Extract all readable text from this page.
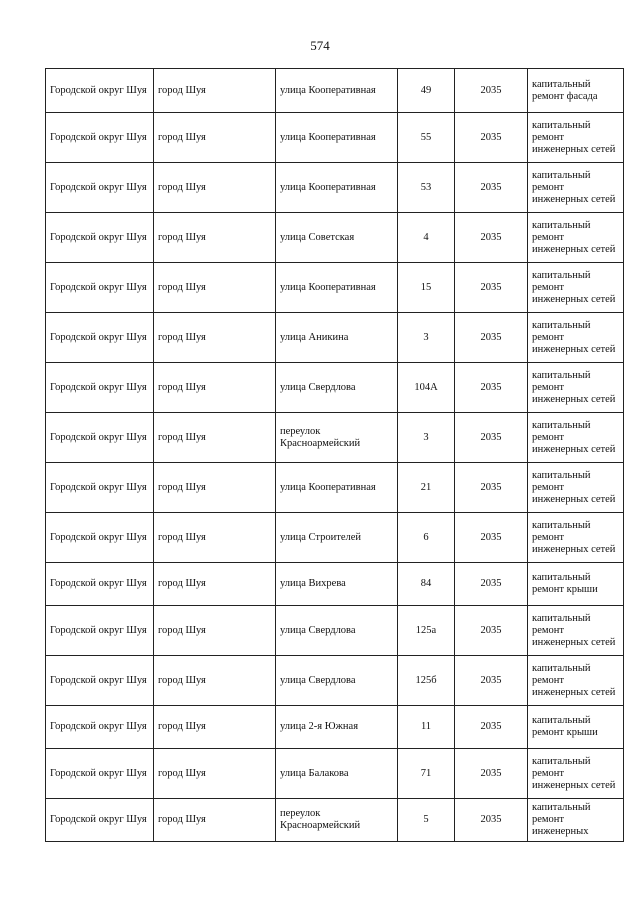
574
Городской округ Шуя	город Шуя	улица Кооперативная	49	2035	капитальный ремонт фасада
Городской округ Шуя	город Шуя	улица Кооперативная	55	2035	капитальный ремонт инженерных сетей
Городской округ Шуя	город Шуя	улица Кооперативная	53	2035	капитальный ремонт инженерных сетей
Городской округ Шуя	город Шуя	улица Советская	4	2035	капитальный ремонт инженерных сетей
Городской округ Шуя	город Шуя	улица Кооперативная	15	2035	капитальный ремонт инженерных сетей
Городской округ Шуя	город Шуя	улица Аникина	3	2035	капитальный ремонт инженерных сетей
Городской округ Шуя	город Шуя	улица Свердлова	104А	2035	капитальный ремонт инженерных сетей
Городской округ Шуя	город Шуя	переулок Красноармейский	3	2035	капитальный ремонт инженерных сетей
Городской округ Шуя	город Шуя	улица Кооперативная	21	2035	капитальный ремонт инженерных сетей
Городской округ Шуя	город Шуя	улица Строителей	6	2035	капитальный ремонт инженерных сетей
Городской округ Шуя	город Шуя	улица Вихрева	84	2035	капитальный ремонт крыши
Городской округ Шуя	город Шуя	улица Свердлова	125а	2035	капитальный ремонт инженерных сетей
Городской округ Шуя	город Шуя	улица Свердлова	125б	2035	капитальный ремонт инженерных сетей
Городской округ Шуя	город Шуя	улица 2-я Южная	11	2035	капитальный ремонт крыши
Городской округ Шуя	город Шуя	улица Балакова	71	2035	капитальный ремонт инженерных сетей
Городской округ Шуя	город Шуя	переулок Красноармейский	5	2035	капитальный ремонт инженерных
